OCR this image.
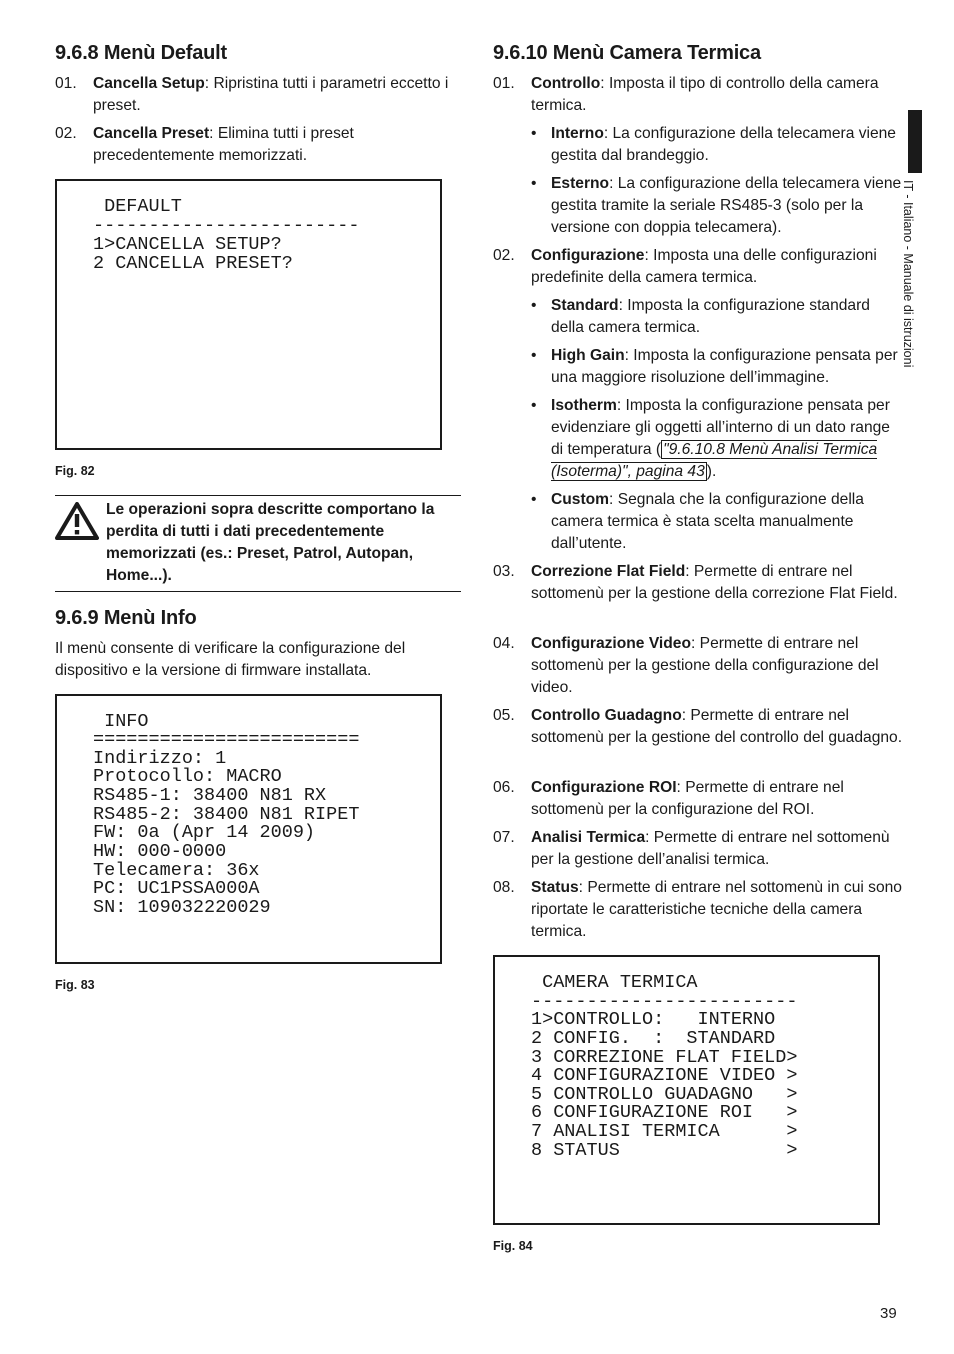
9.6.8 Menù Default
01. Cancella Setup: Ripristina tutti i parametri eccetto i preset.
02. Cancella Preset: Elimina tutti i preset precedentemente memorizzati.
DEFAULT
------------------------
1>CANCELLA SETUP?
2 CANCELLA PRESET?
Fig. 82
Le operazioni sopra descritte comportano la perdita di tutti i dati precedentemente memorizzati (es.: Preset, Patrol, Autopan, Home...).
9.6.9 Menù Info
Il menù consente di verificare la configurazione del dispositivo e la versione di firmware installata.
INFO
========================
Indirizzo: 1
Protocollo: MACRO
RS485-1: 38400 N81 RX
RS485-2: 38400 N81 RIPET
FW: 0a (Apr 14 2009)
HW: 000-0000
Telecamera: 36x
PC: UC1PSSA000A
SN: 109032220029
Fig. 83
9.6.10 Menù Camera Termica
01. Controllo: Imposta il tipo di controllo della camera termica.
• Interno: La configurazione della telecamera viene gestita dal brandeggio.
• Esterno: La configurazione della telecamera viene gestita tramite la seriale RS485-3 (solo per la versione con doppia telecamera).
02. Configurazione: Imposta una delle configurazioni predefinite della camera termica.
• Standard: Imposta la configurazione standard della camera termica.
• High Gain: Imposta la configurazione pensata per una maggiore risoluzione dell’immagine.
• Isotherm: Imposta la configurazione pensata per evidenziare gli oggetti all’interno di un dato range di temperatura ( "9.6.10.8 Menù Analisi Termica (Isoterma)", pagina 43 ).
• Custom: Segnala che la configurazione della camera termica è stata scelta manualmente dall’utente.
03. Correzione Flat Field: Permette di entrare nel sottomenù per la gestione della correzione Flat Field.
04. Configurazione Video: Permette di entrare nel sottomenù per la gestione della configurazione del video.
05. Controllo Guadagno: Permette di entrare nel sottomenù per la gestione del controllo del guadagno.
06. Configurazione ROI: Permette di entrare nel sottomenù per la configurazione del ROI.
07. Analisi Termica: Permette di entrare nel sottomenù per la gestione dell’analisi termica.
08. Status: Permette di entrare nel sottomenù in cui sono riportate le caratteristiche tecniche della camera termica.
CAMERA TERMICA
------------------------
1>CONTROLLO:   INTERNO
2 CONFIG.  :  STANDARD
3 CORREZIONE FLAT FIELD>
4 CONFIGURAZIONE VIDEO >
5 CONTROLLO GUADAGNO   >
6 CONFIGURAZIONE ROI   >
7 ANALISI TERMICA      >
8 STATUS               >
Fig. 84
IT - Italiano - Manuale di istruzioni
39
